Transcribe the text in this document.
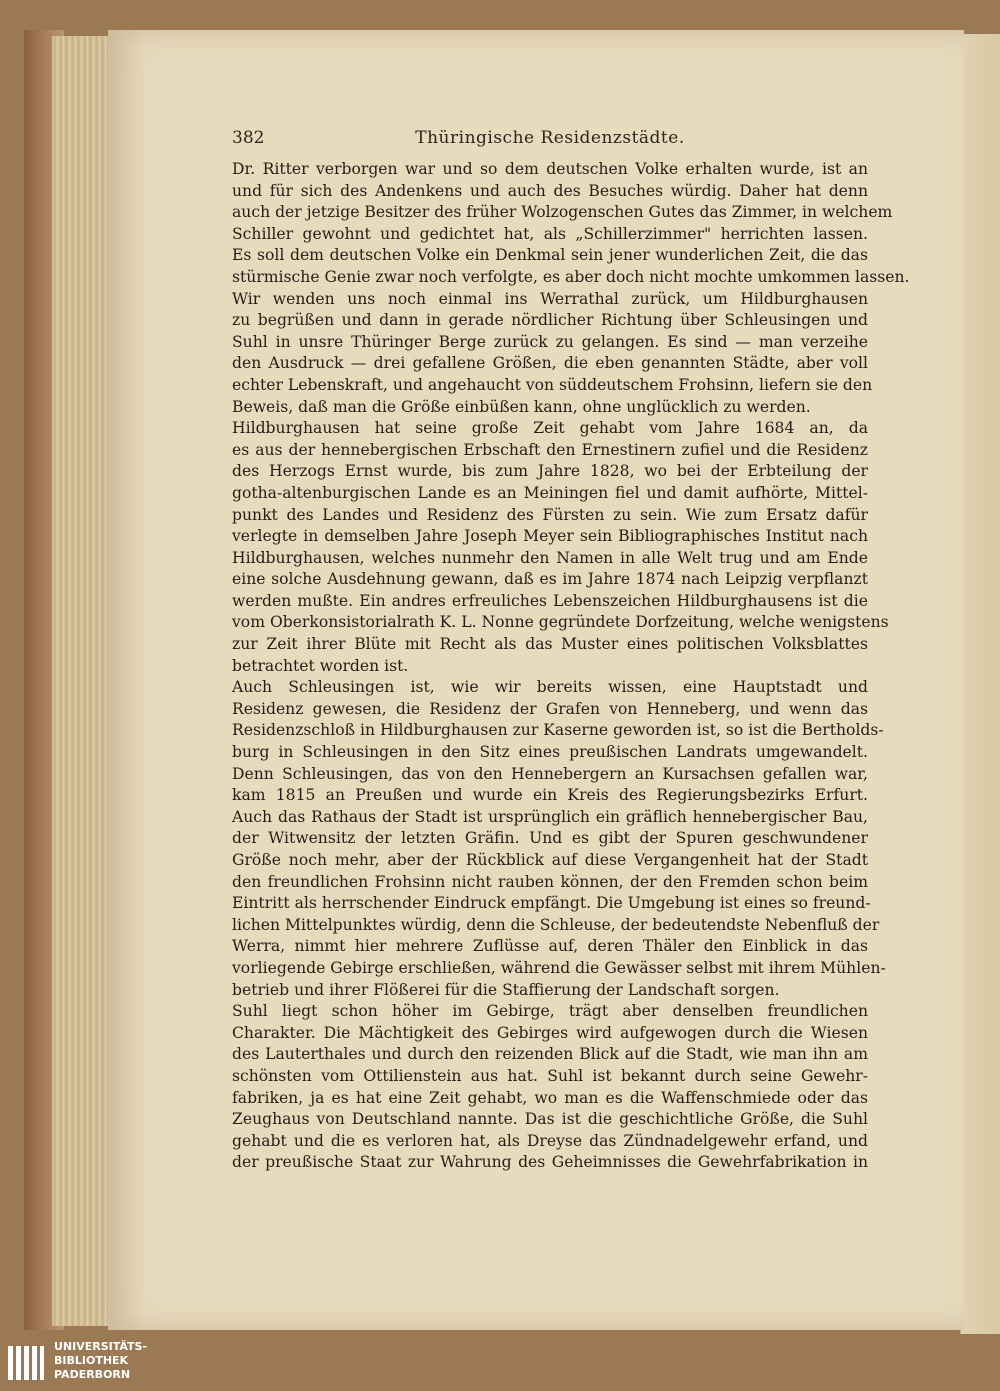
382	Thüringische Residenzstädte.
Dr. Ritter verborgen war und so dem deutschen Volke erhalten wurde, ist an
und für sich des Andenkens und auch des Besuches würdig. Daher hat denn
auch der jetzige Besitzer des früher Wolzogenschen Gutes das Zimmer, in welchem
Schiller gewohnt und gedichtet hat, als „Schillerzimmer" herrichten lassen.
Es soll dem deutschen Volke ein Denkmal sein jener wunderlichen Zeit, die das
stürmische Genie zwar noch verfolgte, es aber doch nicht mochte umkommen lassen.
Wir wenden uns noch einmal ins Werrathal zurück, um Hildburghausen
zu begrüßen und dann in gerade nördlicher Richtung über Schleusingen und
Suhl in unsre Thüringer Berge zurück zu gelangen. Es sind — man verzeihe
den Ausdruck — drei gefallene Größen, die eben genannten Städte, aber voll
echter Lebenskraft, und angehaucht von süddeutschem Frohsinn, liefern sie den
Beweis, daß man die Größe einbüßen kann, ohne unglücklich zu werden.
Hildburghausen hat seine große Zeit gehabt vom Jahre 1684 an, da
es aus der hennebergischen Erbschaft den Ernestinern zufiel und die Residenz
des Herzogs Ernst wurde, bis zum Jahre 1828, wo bei der Erbteilung der
gotha-altenburgischen Lande es an Meiningen fiel und damit aufhörte, Mittel-
punkt des Landes und Residenz des Fürsten zu sein. Wie zum Ersatz dafür
verlegte in demselben Jahre Joseph Meyer sein Bibliographisches Institut nach
Hildburghausen, welches nunmehr den Namen in alle Welt trug und am Ende
eine solche Ausdehnung gewann, daß es im Jahre 1874 nach Leipzig verpflanzt
werden mußte. Ein andres erfreuliches Lebenszeichen Hildburghausens ist die
vom Oberkonsistorialrath K. L. Nonne gegründete Dorfzeitung, welche wenigstens
zur Zeit ihrer Blüte mit Recht als das Muster eines politischen Volksblattes
betrachtet worden ist.
Auch Schleusingen ist, wie wir bereits wissen, eine Hauptstadt und
Residenz gewesen, die Residenz der Grafen von Henneberg, und wenn das
Residenzschloß in Hildburghausen zur Kaserne geworden ist, so ist die Bertholds-
burg in Schleusingen in den Sitz eines preußischen Landrats umgewandelt.
Denn Schleusingen, das von den Hennebergern an Kursachsen gefallen war,
kam 1815 an Preußen und wurde ein Kreis des Regierungsbezirks Erfurt.
Auch das Rathaus der Stadt ist ursprünglich ein gräflich hennebergischer Bau,
der Witwensitz der letzten Gräfin. Und es gibt der Spuren geschwundener
Größe noch mehr, aber der Rückblick auf diese Vergangenheit hat der Stadt
den freundlichen Frohsinn nicht rauben können, der den Fremden schon beim
Eintritt als herrschender Eindruck empfängt. Die Umgebung ist eines so freund-
lichen Mittelpunktes würdig, denn die Schleuse, der bedeutendste Nebenfluß der
Werra, nimmt hier mehrere Zuflüsse auf, deren Thäler den Einblick in das
vorliegende Gebirge erschließen, während die Gewässer selbst mit ihrem Mühlen-
betrieb und ihrer Flößerei für die Staffierung der Landschaft sorgen.
Suhl liegt schon höher im Gebirge, trägt aber denselben freundlichen
Charakter. Die Mächtigkeit des Gebirges wird aufgewogen durch die Wiesen
des Lauterthales und durch den reizenden Blick auf die Stadt, wie man ihn am
schönsten vom Ottilienstein aus hat. Suhl ist bekannt durch seine Gewehr-
fabriken, ja es hat eine Zeit gehabt, wo man es die Waffenschmiede oder das
Zeughaus von Deutschland nannte. Das ist die geschichtliche Größe, die Suhl
gehabt und die es verloren hat, als Dreyse das Zündnadelgewehr erfand, und
der preußische Staat zur Wahrung des Geheimnisses die Gewehrfabrikation in
UNIVERSITÄTS-
BIBLIOTHEK
PADERBORN
